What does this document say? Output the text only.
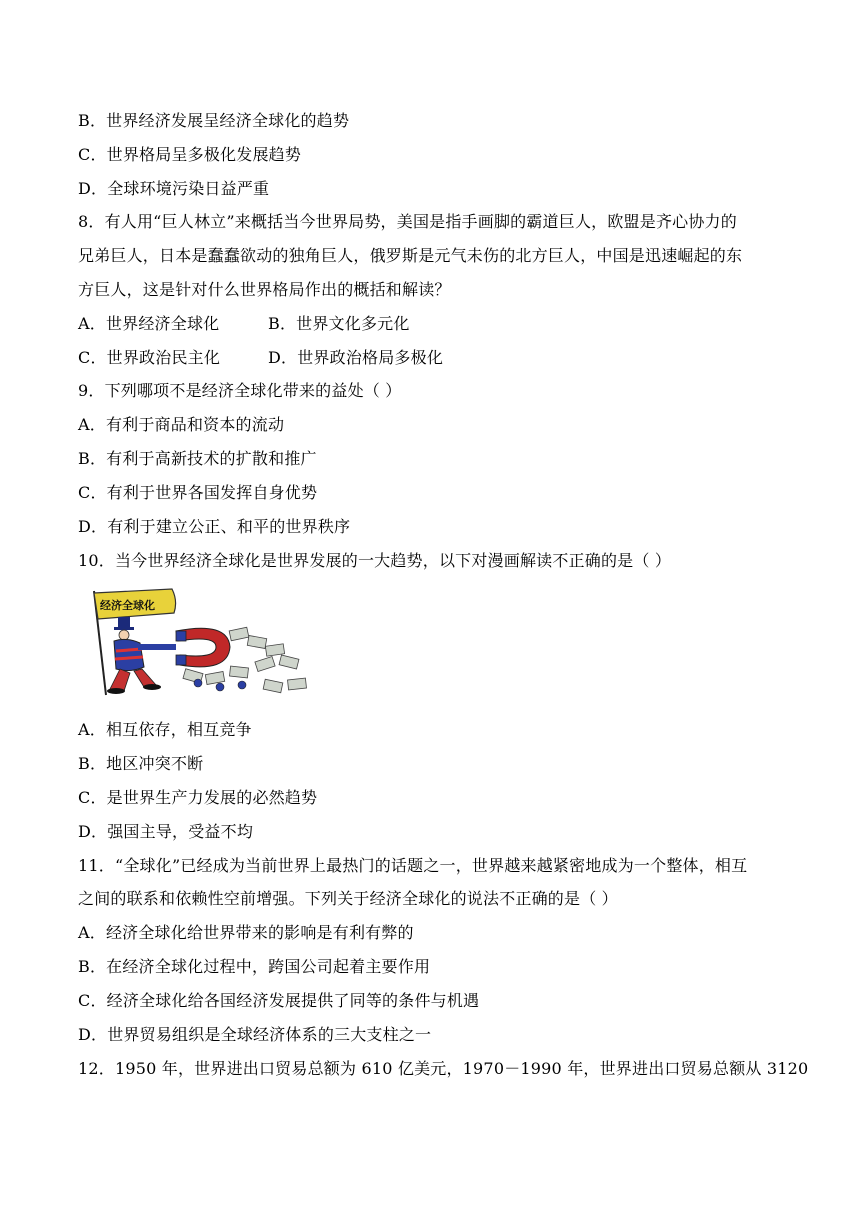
B．世界经济发展呈经济全球化的趋势
C．世界格局呈多极化发展趋势
D．全球环境污染日益严重
8．有人用“巨人林立”来概括当今世界局势，美国是指手画脚的霸道巨人，欧盟是齐心协力的
兄弟巨人，日本是蠢蠢欲动的独角巨人，俄罗斯是元气未伤的北方巨人，中国是迅速崛起的东
方巨人，这是针对什么世界格局作出的概括和解读？
A．世界经济全球化	B．世界文化多元化
C．世界政治民主化	D．世界政治格局多极化
9．下列哪项不是经济全球化带来的益处（ ）
A．有利于商品和资本的流动
B．有利于高新技术的扩散和推广
C．有利于世界各国发挥自身优势
D．有利于建立公正、和平的世界秩序
10．当今世界经济全球化是世界发展的一大趋势，以下对漫画解读不正确的是（ ）
经济全球化
A．相互依存，相互竞争
B．地区冲突不断
C．是世界生产力发展的必然趋势
D．强国主导，受益不均
11．“全球化”已经成为当前世界上最热门的话题之一，世界越来越紧密地成为一个整体，相互
之间的联系和依赖性空前增强。下列关于经济全球化的说法不正确的是（ ）
A．经济全球化给世界带来的影响是有利有弊的
B．在经济全球化过程中，跨国公司起着主要作用
C．经济全球化给各国经济发展提供了同等的条件与机遇
D．世界贸易组织是全球经济体系的三大支柱之一
12．1950 年，世界进出口贸易总额为 610 亿美元，1970－1990 年，世界进出口贸易总额从 3120
